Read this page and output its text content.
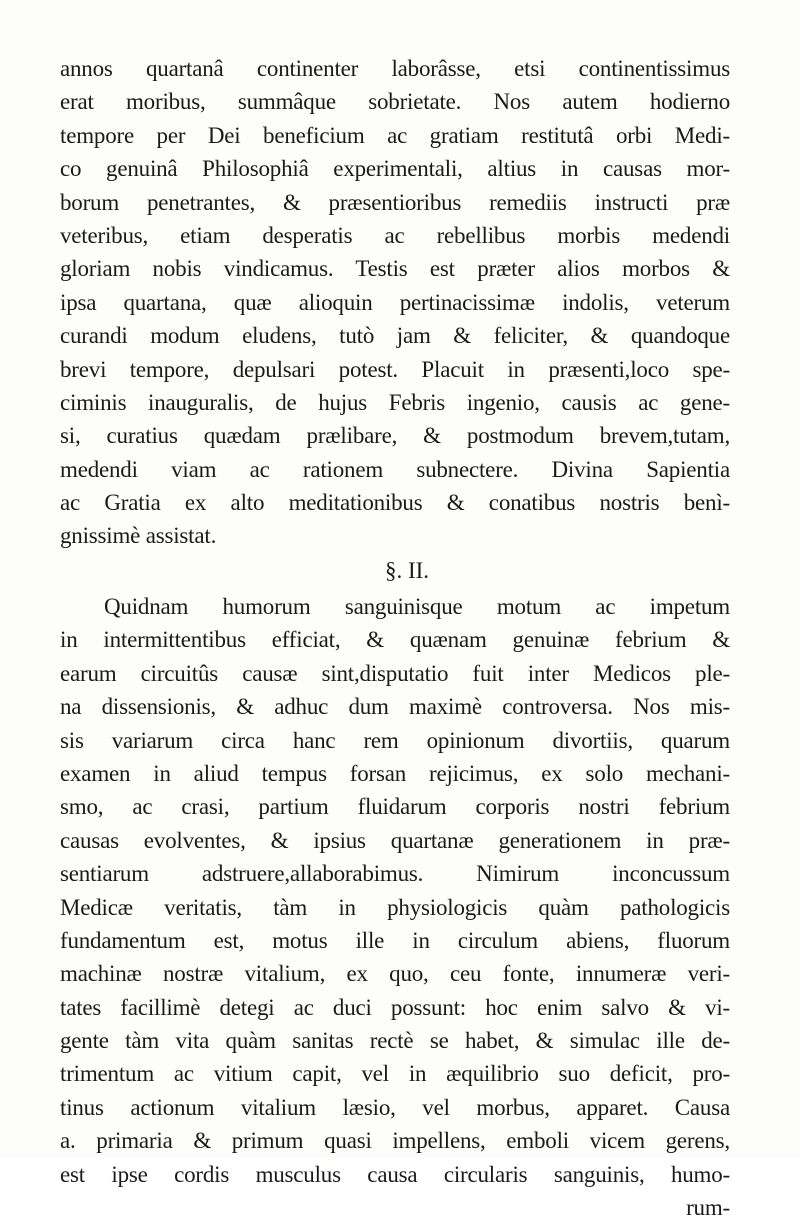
annos quartanâ continenter laborâsse, etsi continentissimus
erat moribus, summâque sobrietate. Nos autem hodierno
tempore per Dei beneficium ac gratiam restitutâ orbi Medi-
co genuinâ Philosophiâ experimentali, altius in causas mor-
borum penetrantes, & præsentioribus remediis instructi præ
veteribus, etiam desperatis ac rebellibus morbis medendi
gloriam nobis vindicamus. Testis est præter alios morbos &
ipsa quartana, quæ alioquin pertinacissimæ indolis, veterum
curandi modum eludens, tutò jam & feliciter, & quandoque
brevi tempore, depulsari potest. Placuit in præsenti,loco spe-
ciminis inauguralis, de hujus Febris ingenio, causis ac gene-
si, curatius quædam prælibare, & postmodum brevem,tutam,
medendi viam ac rationem subnectere. Divina Sapientia
ac Gratia ex alto meditationibus & conatibus nostris benì-
gnissimè assistat.
§. II.
Quidnam humorum sanguinisque motum ac impetum
in intermittentibus efficiat, & quænam genuinæ febrium &
earum circuitûs causæ sint,disputatio fuit inter Medicos ple-
na dissensionis, & adhuc dum maximè controversa. Nos mis-
sis variarum circa hanc rem opinionum divortiis, quarum
examen in aliud tempus forsan rejicimus, ex solo mechani-
smo, ac crasi, partium fluidarum corporis nostri febrium
causas evolventes, & ipsius quartanæ generationem in præ-
sentiarum adstruere,allaborabimus. Nimirum inconcussum
Medicæ veritatis, tàm in physiologicis quàm pathologicis
fundamentum est, motus ille in circulum abiens, fluorum
machinæ nostræ vitalium, ex quo, ceu fonte, innumeræ veri-
tates facillimè detegi ac duci possunt: hoc enim salvo & vi-
gente tàm vita quàm sanitas rectè se habet, & simulac ille de-
trimentum ac vitium capit, vel in æquilibrio suo deficit, pro-
tinus actionum vitalium læsio, vel morbus, apparet. Causa
a. primaria & primum quasi impellens, emboli vicem gerens,
est ipse cordis musculus causa circularis sanguinis, humo-
rum-
